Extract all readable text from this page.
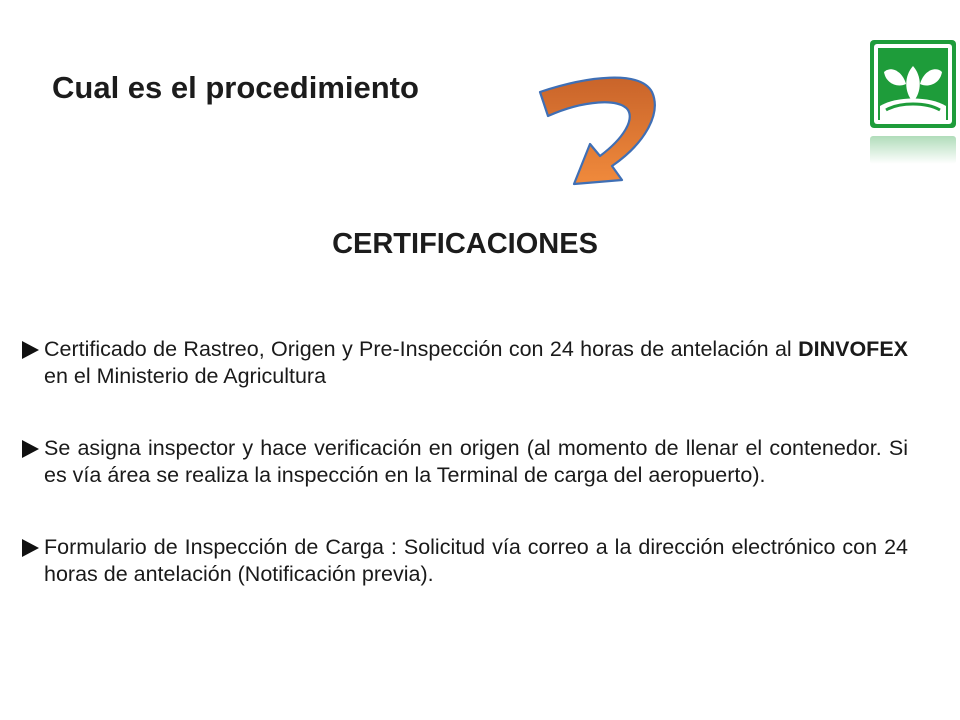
Cual es el procedimiento
CERTIFICACIONES
Certificado de Rastreo, Origen y Pre-Inspección con 24 horas de antelación al DINVOFEX en el Ministerio de Agricultura
Se asigna inspector y hace verificación en origen (al momento de llenar el contenedor. Si es vía área se realiza la inspección en la Terminal de carga del aeropuerto).
Formulario de Inspección de Carga : Solicitud vía correo a la dirección electrónico con 24 horas de antelación (Notificación previa).
